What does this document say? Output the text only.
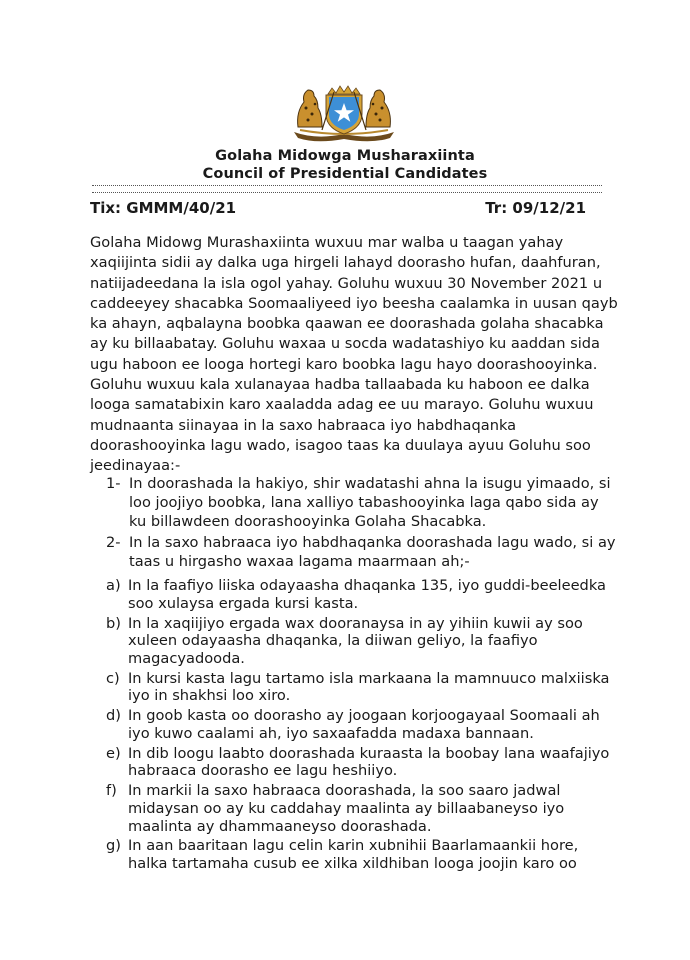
Golaha Midowga Musharaxiinta
Council of Presidential Candidates
Tix: GMMM/40/21	Tr: 09/12/21

Golaha Midowg Murashaxiinta wuxuu mar walba u taagan yahay xaqiijinta sidii ay dalka uga hirgeli lahayd doorasho hufan, daahfuran, natiijadeedana la isla ogol yahay. Goluhu wuxuu 30 November 2021 u caddeeyey shacabka Soomaaliyeed iyo beesha caalamka in uusan qayb ka ahayn, aqbalayna boobka qaawan ee doorashada golaha shacabka ay ku billaabatay. Goluhu waxaa u socda wadatashiyo ku aaddan sida ugu haboon ee looga hortegi karo boobka lagu hayo doorashooyinka. Goluhu wuxuu kala xulanayaa hadba tallaabada ku haboon ee dalka looga samatabixin karo xaaladda adag ee uu marayo. Goluhu wuxuu mudnaanta siinayaa in la saxo habraaca iyo habdhaqanka doorashooyinka lagu wado, isagoo taas ka duulaya ayuu Goluhu soo jeedinayaa:-

1- In doorashada la hakiyo, shir wadatashi ahna la isugu yimaado, si loo joojiyo boobka, lana xalliyo tabashooyinka laga qabo sida ay ku billawdeen doorashooyinka Golaha Shacabka.
2- In la saxo habraaca iyo habdhaqanka doorashada lagu wado, si ay taas u hirgasho waxaa lagama maarmaan ah;-
a) In la faafiyo liiska odayaasha dhaqanka 135, iyo guddi-beeleedka soo xulaysa ergada kursi kasta.
b) In la xaqiijiyo ergada wax dooranaysa in ay yihiin kuwii ay soo xuleen odayaasha dhaqanka, la diiwan geliyo, la faafiyo magacyadooda.
c) In kursi kasta lagu tartamo isla markaana la mamnuuco malxiiska iyo in shakhsi loo xiro.
d) In goob kasta oo doorasho ay joogaan korjoogayaal Soomaali ah iyo kuwo caalami ah, iyo saxaafadda madaxa bannaan.
e) In dib loogu laabto doorashada kuraasta la boobay lana waafajiyo habraaca doorasho ee lagu heshiiyo.
f) In markii la saxo habraaca doorashada, la soo saaro jadwal midaysan oo ay ku caddahay maalinta ay billaabaneyso iyo maalinta ay dhammaaneyso doorashada.
g) In aan baaritaan lagu celin karin xubnihii Baarlamaankii hore, halka tartamaha cusub ee xilka xildhiban looga joojin karo oo
